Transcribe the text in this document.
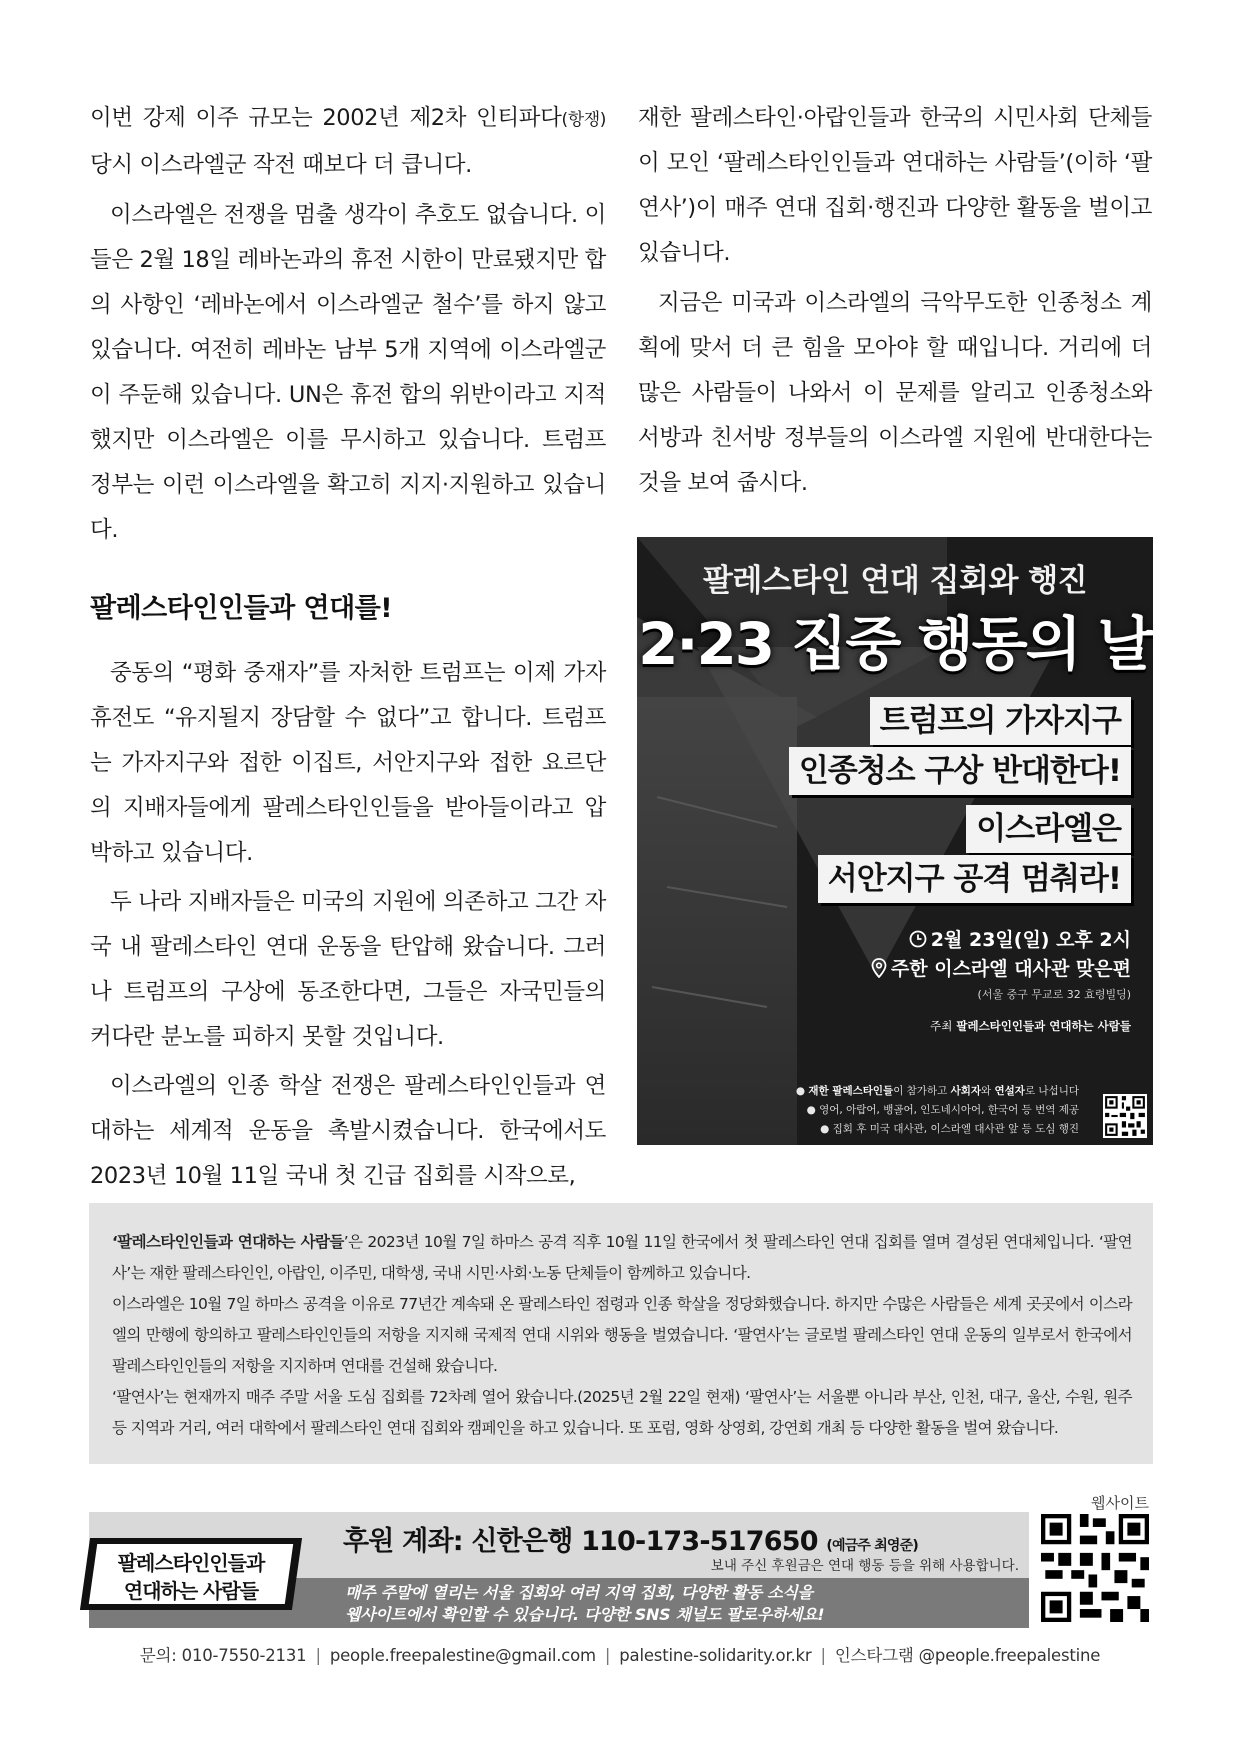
이번 강제 이주 규모는 2002년 제2차 인티파다(항쟁) 당시 이스라엘군 작전 때보다 더 큽니다.

이스라엘은 전쟁을 멈출 생각이 추호도 없습니다. 이들은 2월 18일 레바논과의 휴전 시한이 만료됐지만 합의 사항인 ‘레바논에서 이스라엘군 철수’를 하지 않고 있습니다. 여전히 레바논 남부 5개 지역에 이스라엘군이 주둔해 있습니다. UN은 휴전 합의 위반이라고 지적했지만 이스라엘은 이를 무시하고 있습니다. 트럼프 정부는 이런 이스라엘을 확고히 지지·지원하고 있습니다.

팔레스타인인들과 연대를!

중동의 “평화 중재자”를 자처한 트럼프는 이제 가자 휴전도 “유지될지 장담할 수 없다”고 합니다. 트럼프는 가자지구와 접한 이집트, 서안지구와 접한 요르단의 지배자들에게 팔레스타인인들을 받아들이라고 압박하고 있습니다.

두 나라 지배자들은 미국의 지원에 의존하고 그간 자국 내 팔레스타인 연대 운동을 탄압해 왔습니다. 그러나 트럼프의 구상에 동조한다면, 그들은 자국민들의 커다란 분노를 피하지 못할 것입니다.

이스라엘의 인종 학살 전쟁은 팔레스타인인들과 연대하는 세계적 운동을 촉발시켰습니다. 한국에서도 2023년 10월 11일 국내 첫 긴급 집회를 시작으로,

재한 팔레스타인·아랍인들과 한국의 시민사회 단체들이 모인 ‘팔레스타인인들과 연대하는 사람들’(이하 ‘팔연사’)이 매주 연대 집회·행진과 다양한 활동을 벌이고 있습니다.

지금은 미국과 이스라엘의 극악무도한 인종청소 계획에 맞서 더 큰 힘을 모아야 할 때입니다. 거리에 더 많은 사람들이 나와서 이 문제를 알리고 인종청소와 서방과 친서방 정부들의 이스라엘 지원에 반대한다는 것을 보여 줍시다.

팔레스타인 연대 집회와 행진
2·23 집중 행동의 날
트럼프의 가자지구
인종청소 구상 반대한다!
이스라엘은
서안지구 공격 멈춰라!
2월 23일(일) 오후 2시
주한 이스라엘 대사관 맞은편
(서울 중구 무교로 32 효령빌딩)
주최 팔레스타인인들과 연대하는 사람들
● 재한 팔레스타인들이 참가하고 사회자와 연설자로 나섭니다
● 영어, 아랍어, 뱅골어, 인도네시아어, 한국어 등 번역 제공
● 집회 후 미국 대사관, 이스라엘 대사관 앞 등 도심 행진

‘팔레스타인인들과 연대하는 사람들’은 2023년 10월 7일 하마스 공격 직후 10월 11일 한국에서 첫 팔레스타인 연대 집회를 열며 결성된 연대체입니다. ‘팔연사’는 재한 팔레스타인인, 아랍인, 이주민, 대학생, 국내 시민·사회·노동 단체들이 함께하고 있습니다.

이스라엘은 10월 7일 하마스 공격을 이유로 77년간 계속돼 온 팔레스타인 점령과 인종 학살을 정당화했습니다. 하지만 수많은 사람들은 세계 곳곳에서 이스라엘의 만행에 항의하고 팔레스타인인들의 저항을 지지해 국제적 연대 시위와 행동을 벌였습니다. ‘팔연사’는 글로벌 팔레스타인 연대 운동의 일부로서 한국에서 팔레스타인인들의 저항을 지지하며 연대를 건설해 왔습니다.

‘팔연사’는 현재까지 매주 주말 서울 도심 집회를 72차례 열어 왔습니다.(2025년 2월 22일 현재) ‘팔연사’는 서울뿐 아니라 부산, 인천, 대구, 울산, 수원, 원주 등 지역과 거리, 여러 대학에서 팔레스타인 연대 집회와 캠페인을 하고 있습니다. 또 포럼, 영화 상영회, 강연회 개최 등 다양한 활동을 벌여 왔습니다.

웹사이트
팔레스타인인들과
연대하는 사람들
후원 계좌: 신한은행 110-173-517650 (예금주 최영준)
보내 주신 후원금은 연대 행동 등을 위해 사용합니다.
매주 주말에 열리는 서울 집회와 여러 지역 집회, 다양한 활동 소식을
웹사이트에서 확인할 수 있습니다. 다양한 SNS 채널도 팔로우하세요!
문의: 010-7550-2131 | people.freepalestine@gmail.com | palestine-solidarity.or.kr | 인스타그램 @people.freepalestine
